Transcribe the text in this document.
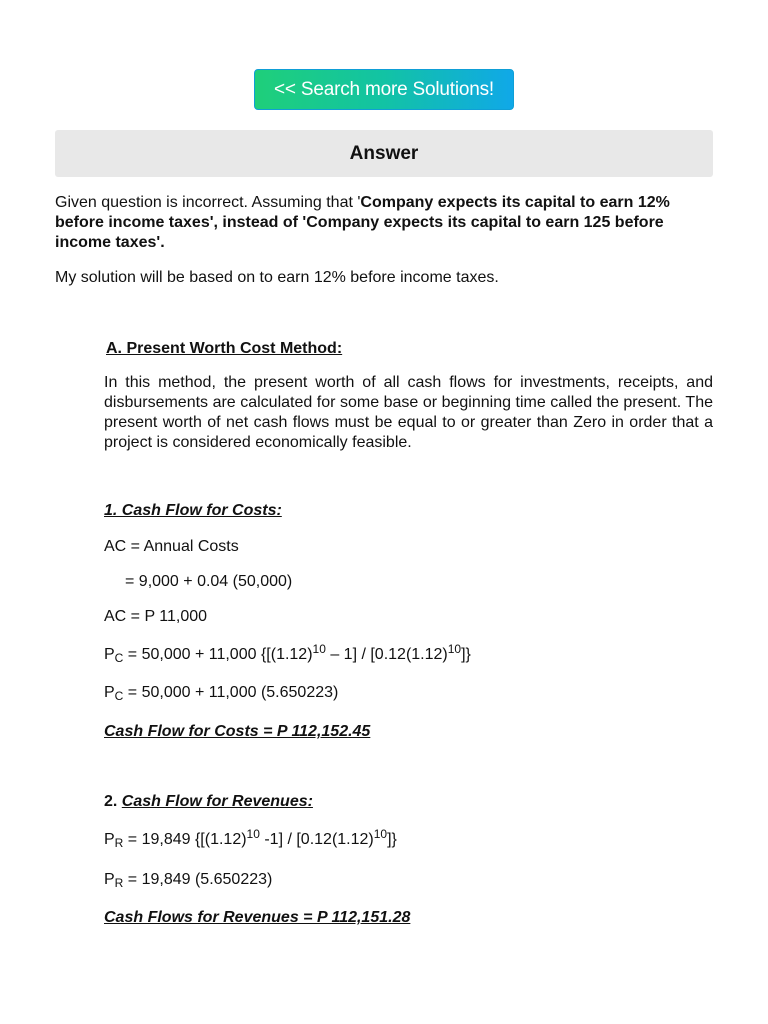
<< Search more Solutions!
Answer

Given question is incorrect. Assuming that 'Company expects its capital to earn 12% before income taxes', instead of 'Company expects its capital to earn 125 before income taxes'.

My solution will be based on to earn 12% before income taxes.

A. Present Worth Cost Method:

In this method, the present worth of all cash flows for investments, receipts, and disbursements are calculated for some base or beginning time called the present. The present worth of net cash flows must be equal to or greater than Zero in order that a project is considered economically feasible.

1. Cash Flow for Costs:

AC = Annual Costs

= 9,000 + 0.04 (50,000)

AC = P 11,000

$P_C = 50,000 + 11,000$ $\{[(1.12)^{10} - 1] / [0.12(1.12)^{10}]\}$

$P_C = 50,000 + 11,000$ (5.650223)

Cash Flow for Costs = P 112,152.45

2. Cash Flow for Revenues:

$P_R = 19,849$ {[$(1.12)^{10}$ $-1] / [0.12(1.12)^{10}]$}

$P_R = 19,849$ (5.650223)

Cash Flows for Revenues = P 112,151.28
